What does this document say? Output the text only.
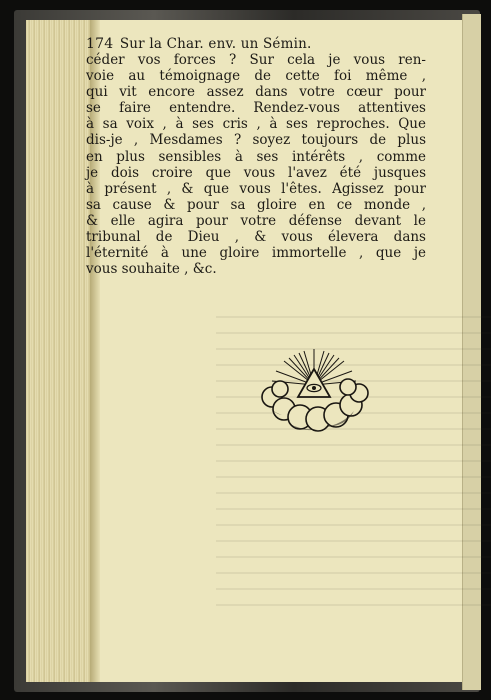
174 Sur la Char. env. un Sémin.
céder vos forces ? Sur cela je vous ren-
voie au témoignage de cette foi même ,
qui vit encore assez dans votre cœur pour
se faire entendre. Rendez-vous attentives
à sa voix , à ses cris , à ses reproches. Que
dis-je , Mesdames ? soyez toujours de plus
en plus sensibles à ses intérêts , comme
je dois croire que vous l'avez été jusques
à présent , & que vous l'êtes. Agissez pour
sa cause & pour sa gloire en ce monde ,
& elle agira pour votre défense devant le
tribunal de Dieu , & vous élevera dans
l'éternité à une gloire immortelle , que je
vous souhaite , &c.
